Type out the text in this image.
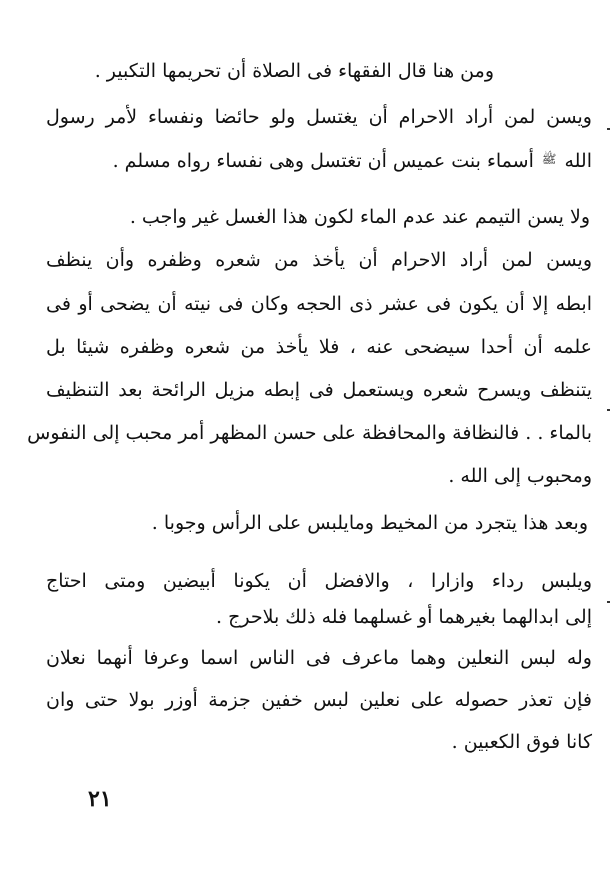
ومن هنا قال الفقهاء فى الصلاة أن تحريمها التكبير .
ويسن لمن أراد الاحرام أن يغتسل ولو حائضا ونفساء لأمر رسول
الله ﷺ أسماء بنت عميس أن تغتسل وهى نفساء رواه مسلم .
ولا يسن التيمم عند عدم الماء لكون هذا الغسل غير واجب .
ويسن لمن أراد الاحرام أن يأخذ من شعره وظفره وأن ينظف
ابطه إلا أن يكون فى عشر ذى الحجه وكان فى نيته أن يضحى أو فى
علمه أن أحدا سيضحى عنه ، فلا يأخذ من شعره وظفره شيئا بل
يتنظف ويسرح شعره ويستعمل فى إبطه مزيل الرائحة بعد التنظيف
بالماء . . فالنظافة والمحافظة على حسن المظهر أمر محبب إلى النفوس
ومحبوب إلى الله .
وبعد هذا يتجرد من المخيط ومايلبس على الرأس وجوبا .
ويلبس رداء وازارا ، والافضل أن يكونا أبيضين ومتى احتاج
إلى ابدالهما بغيرهما أو غسلهما فله ذلك بلاحرج .
وله لبس النعلين وهما ماعرف فى الناس اسما وعرفا أنهما نعلان
فإن تعذر حصوله على نعلين لبس خفين جزمة أوزر بولا حتى وان
كانا فوق الكعبين .
٢١
